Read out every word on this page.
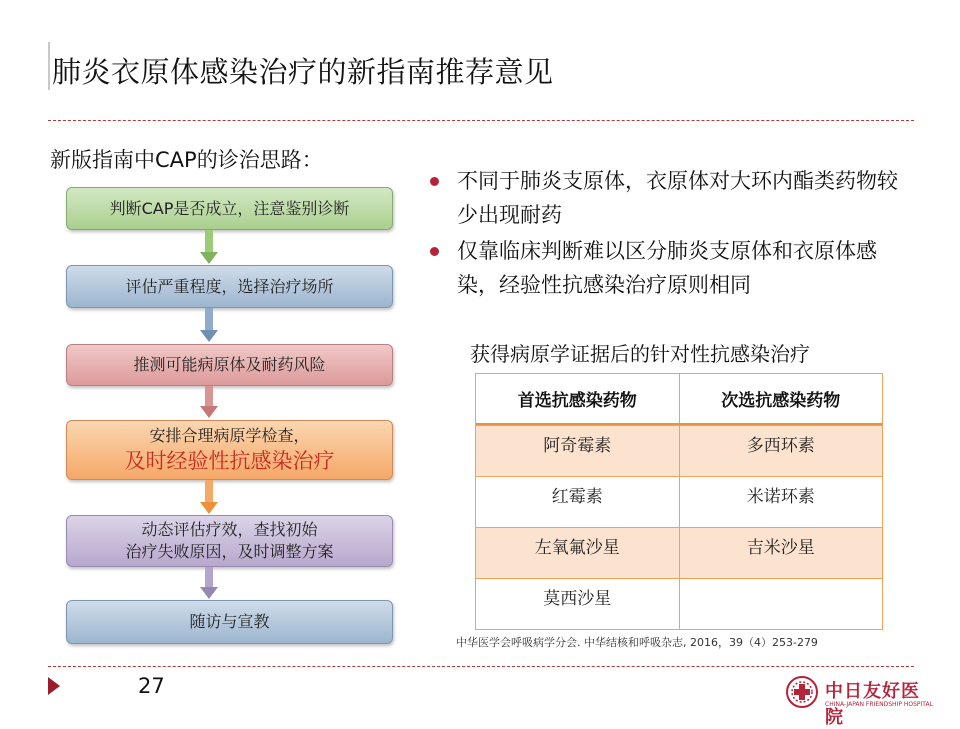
肺炎衣原体感染治疗的新指南推荐意见
新版指南中CAP的诊治思路：
判断CAP是否成立，注意鉴别诊断
评估严重程度，选择治疗场所
推测可能病原体及耐药风险
安排合理病原学检查，
及时经验性抗感染治疗
动态评估疗效，查找初始
治疗失败原因，及时调整方案
随访与宣教
不同于肺炎支原体，衣原体对大环内酯类药物较少出现耐药
仅靠临床判断难以区分肺炎支原体和衣原体感染，经验性抗感染治疗原则相同
获得病原学证据后的针对性抗感染治疗
首选抗感染药物	次选抗感染药物
阿奇霉素	多西环素
红霉素	米诺环素
左氧氟沙星	吉米沙星
莫西沙星
中华医学会呼吸病学分会. 中华结核和呼吸杂志, 2016，39（4）253-279
27	中日友好医院
CHINA-JAPAN FRIENDSHIP HOSPITAL
